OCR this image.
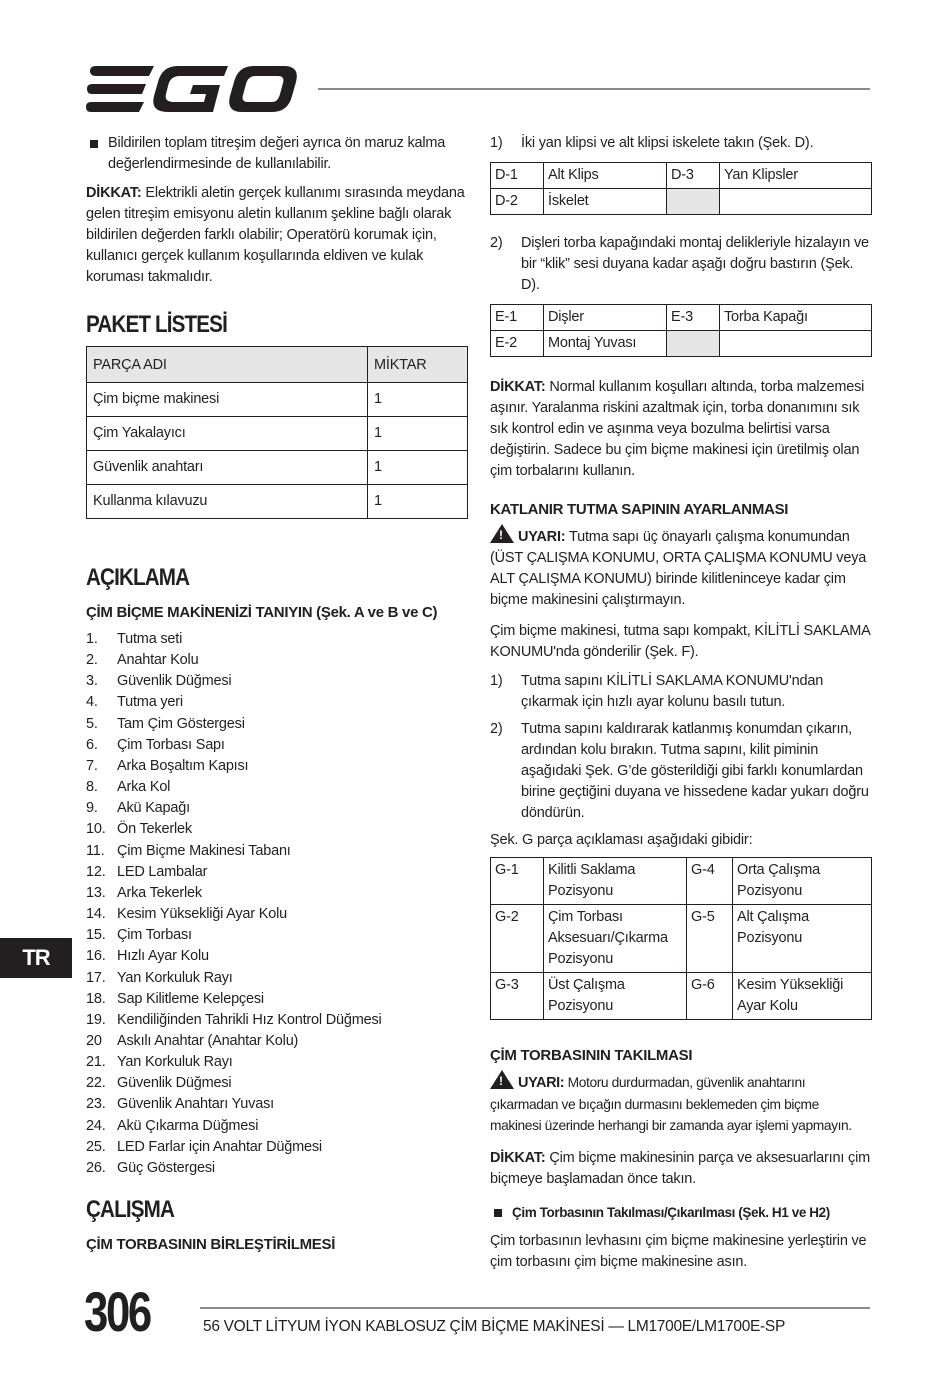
Bildirilen toplam titreşim değeri ayrıca ön maruz kalma değerlendirmesinde de kullanılabilir.

DİKKAT: Elektrikli aletin gerçek kullanımı sırasında meydana gelen titreşim emisyonu aletin kullanım şekline bağlı olarak bildirilen değerden farklı olabilir; Operatörü korumak için, kullanıcı gerçek kullanım koşullarında eldiven ve kulak koruması takmalıdır.

PAKET LİSTESİ
PARÇA ADI	MİKTAR
Çim biçme makinesi	1
Çim Yakalayıcı	1
Güvenlik anahtarı	1
Kullanma kılavuzu	1
AÇIKLAMA
ÇİM BİÇME MAKİNENİZİ TANIYIN (Şek. A ve B ve C)
1.	Tutma seti
2.	Anahtar Kolu
3.	Güvenlik Düğmesi
4.	Tutma yeri
5.	Tam Çim Göstergesi
6.	Çim Torbası Sapı
7.	Arka Boşaltım Kapısı
8.	Arka Kol
9.	Akü Kapağı
10. Ön Tekerlek
11. Çim Biçme Makinesi Tabanı
12. LED Lambalar
13. Arka Tekerlek
14. Kesim Yüksekliği Ayar Kolu
15. Çim Torbası
16. Hızlı Ayar Kolu
17. Yan Korkuluk Rayı
18. Sap Kilitleme Kelepçesi
19. Kendiliğinden Tahrikli Hız Kontrol Düğmesi
20	Askılı Anahtar (Anahtar Kolu)
21. Yan Korkuluk Rayı
22. Güvenlik Düğmesi
23. Güvenlik Anahtarı Yuvası
24. Akü Çıkarma Düğmesi
25. LED Farlar için Anahtar Düğmesi
26. Güç Göstergesi
ÇALIŞMA
ÇİM TORBASININ BİRLEŞTİRİLMESİ
1)	İki yan klipsi ve alt klipsi iskelete takın (Şek. D).
D-1	Alt Klips	D-3	Yan Klipsler
D-2	İskelet		
2)	Dişleri torba kapağındaki montaj delikleriyle hizalayın ve bir “klik” sesi duyana kadar aşağı doğru bastırın (Şek. D).
E-1	Dişler	E-3	Torba Kapağı
E-2	Montaj Yuvası		

DİKKAT: Normal kullanım koşulları altında, torba malzemesi aşınır. Yaralanma riskini azaltmak için, torba donanımını sık sık kontrol edin ve aşınma veya bozulma belirtisi varsa değiştirin. Sadece bu çim biçme makinesi için üretilmiş olan çim torbalarını kullanın.

KATLANIR TUTMA SAPININ AYARLANMASI

!UYARI: Tutma sapı üç önayarlı çalışma konumundan (ÜST ÇALIŞMA KONUMU, ORTA ÇALIŞMA KONUMU veya ALT ÇALIŞMA KONUMU) birinde kilitleninceye kadar çim biçme makinesini çalıştırmayın.

Çim biçme makinesi, tutma sapı kompakt, KİLİTLİ SAKLAMA KONUMU'nda gönderilir (Şek. F).

1)	Tutma sapını KİLİTLİ SAKLAMA KONUMU'ndan çıkarmak için hızlı ayar kolunu basılı tutun.
2)	Tutma sapını kaldırarak katlanmış konumdan çıkarın, ardından kolu bırakın. Tutma sapını, kilit piminin aşağıdaki Şek. G’de gösterildiği gibi farklı konumlardan birine geçtiğini duyana ve hissedene kadar yukarı doğru döndürün.

Şek. G parça açıklaması aşağıdaki gibidir:

G-1	Kilitli Saklama Pozisyonu	G-4	Orta Çalışma Pozisyonu
G-2	Çim Torbası Aksesuarı/Çıkarma Pozisyonu	G-5	Alt Çalışma Pozisyonu
G-3	Üst Çalışma Pozisyonu	G-6	Kesim Yüksekliği Ayar Kolu
ÇİM TORBASININ TAKILMASI

!UYARI: Motoru durdurmadan, güvenlik anahtarını çıkarmadan ve bıçağın durmasını beklemeden çim biçme makinesi üzerinde herhangi bir zamanda ayar işlemi yapmayın.

DİKKAT: Çim biçme makinesinin parça ve aksesuarlarını çim biçmeye başlamadan önce takın.

Çim Torbasının Takılması/Çıkarılması (Şek. H1 ve H2)

Çim torbasının levhasını çim biçme makinesine yerleştirin ve çim torbasını çim biçme makinesine asın.

TR
306	56 VOLT LİTYUM İYON KABLOSUZ ÇİM BİÇME MAKİNESİ — LM1700E/LM1700E-SP
